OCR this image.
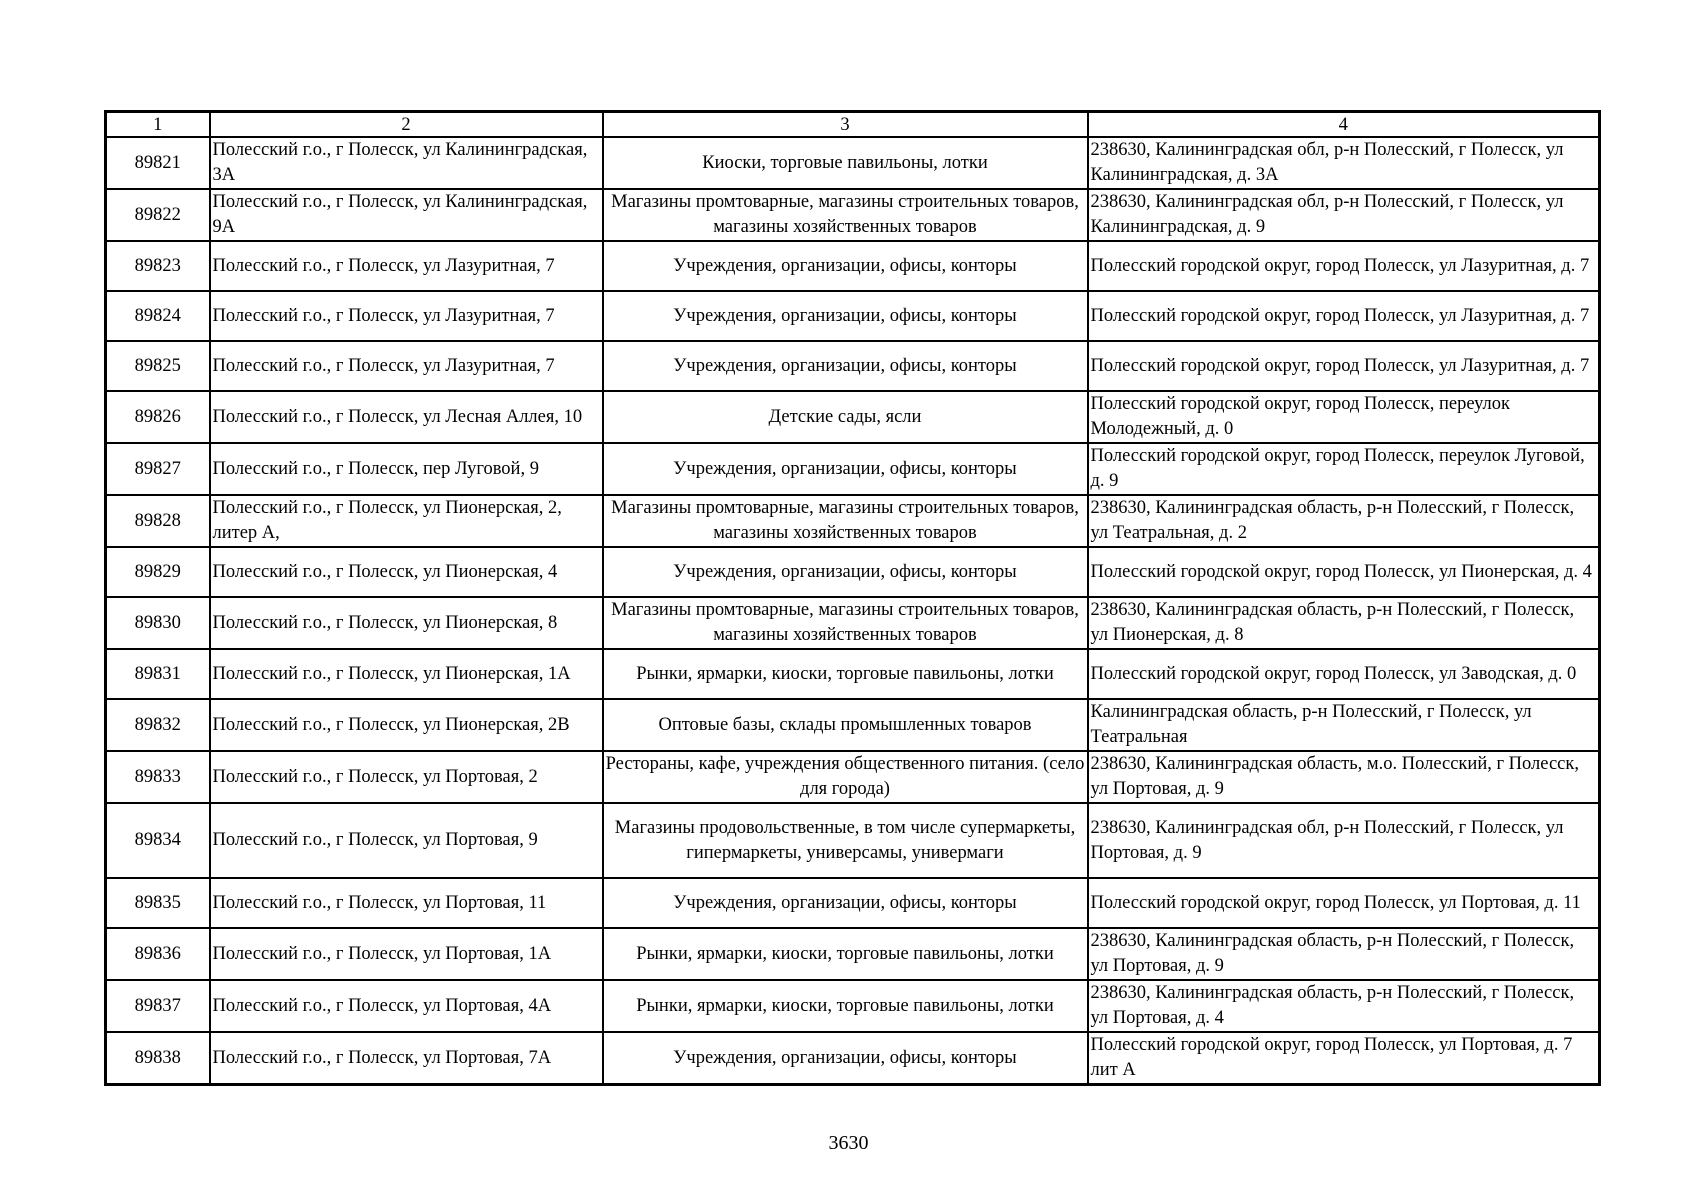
1	2	3	4
89821	Полесский г.о., г Полесск, ул Калининградская, 3А	Киоски, торговые павильоны, лотки	238630, Калининградская обл, р-н Полесский, г Полесск, ул Калининградская, д. 3А
89822	Полесский г.о., г Полесск, ул Калининградская, 9А	Магазины промтоварные, магазины строительных товаров, магазины хозяйственных товаров	238630, Калининградская обл, р-н Полесский, г Полесск, ул Калининградская, д. 9
89823	Полесский г.о., г Полесск, ул Лазуритная, 7	Учреждения, организации, офисы, конторы	Полесский городской округ, город Полесск, ул Лазуритная, д. 7
89824	Полесский г.о., г Полесск, ул Лазуритная, 7	Учреждения, организации, офисы, конторы	Полесский городской округ, город Полесск, ул Лазуритная, д. 7
89825	Полесский г.о., г Полесск, ул Лазуритная, 7	Учреждения, организации, офисы, конторы	Полесский городской округ, город Полесск, ул Лазуритная, д. 7
89826	Полесский г.о., г Полесск, ул Лесная Аллея, 10	Детские сады, ясли	Полесский городской округ, город Полесск, переулок Молодежный, д. 0
89827	Полесский г.о., г Полесск, пер Луговой, 9	Учреждения, организации, офисы, конторы	Полесский городской округ, город Полесск, переулок Луговой, д. 9
89828	Полесский г.о., г Полесск, ул Пионерская, 2, литер А,	Магазины промтоварные, магазины строительных товаров, магазины хозяйственных товаров	238630, Калининградская область, р-н Полесский, г Полесск, ул Театральная, д. 2
89829	Полесский г.о., г Полесск, ул Пионерская, 4	Учреждения, организации, офисы, конторы	Полесский городской округ, город Полесск, ул Пионерская, д. 4
89830	Полесский г.о., г Полесск, ул Пионерская, 8	Магазины промтоварные, магазины строительных товаров, магазины хозяйственных товаров	238630, Калининградская область, р-н Полесский, г Полесск, ул Пионерская, д. 8
89831	Полесский г.о., г Полесск, ул Пионерская, 1А	Рынки, ярмарки, киоски, торговые павильоны, лотки	Полесский городской округ, город Полесск, ул Заводская, д. 0
89832	Полесский г.о., г Полесск, ул Пионерская, 2В	Оптовые базы, склады промышленных товаров	Калининградская область, р-н Полесский, г Полесск, ул Театральная
89833	Полесский г.о., г Полесск, ул Портовая, 2	Рестораны, кафе, учреждения общественного питания. (село для города)	238630, Калининградская область, м.о. Полесский, г Полесск, ул Портовая, д. 9
89834	Полесский г.о., г Полесск, ул Портовая, 9	Магазины продовольственные, в том числе супермаркеты, гипермаркеты, универсамы, универмаги	238630, Калининградская обл, р-н Полесский, г Полесск, ул Портовая, д. 9
89835	Полесский г.о., г Полесск, ул Портовая, 11	Учреждения, организации, офисы, конторы	Полесский городской округ, город Полесск, ул Портовая, д. 11
89836	Полесский г.о., г Полесск, ул Портовая, 1А	Рынки, ярмарки, киоски, торговые павильоны, лотки	238630, Калининградская область, р-н Полесский, г Полесск, ул Портовая, д. 9
89837	Полесский г.о., г Полесск, ул Портовая, 4А	Рынки, ярмарки, киоски, торговые павильоны, лотки	238630, Калининградская область, р-н Полесский, г Полесск, ул Портовая, д. 4
89838	Полесский г.о., г Полесск, ул Портовая, 7А	Учреждения, организации, офисы, конторы	Полесский городской округ, город Полесск, ул Портовая, д. 7 лит А
3630
